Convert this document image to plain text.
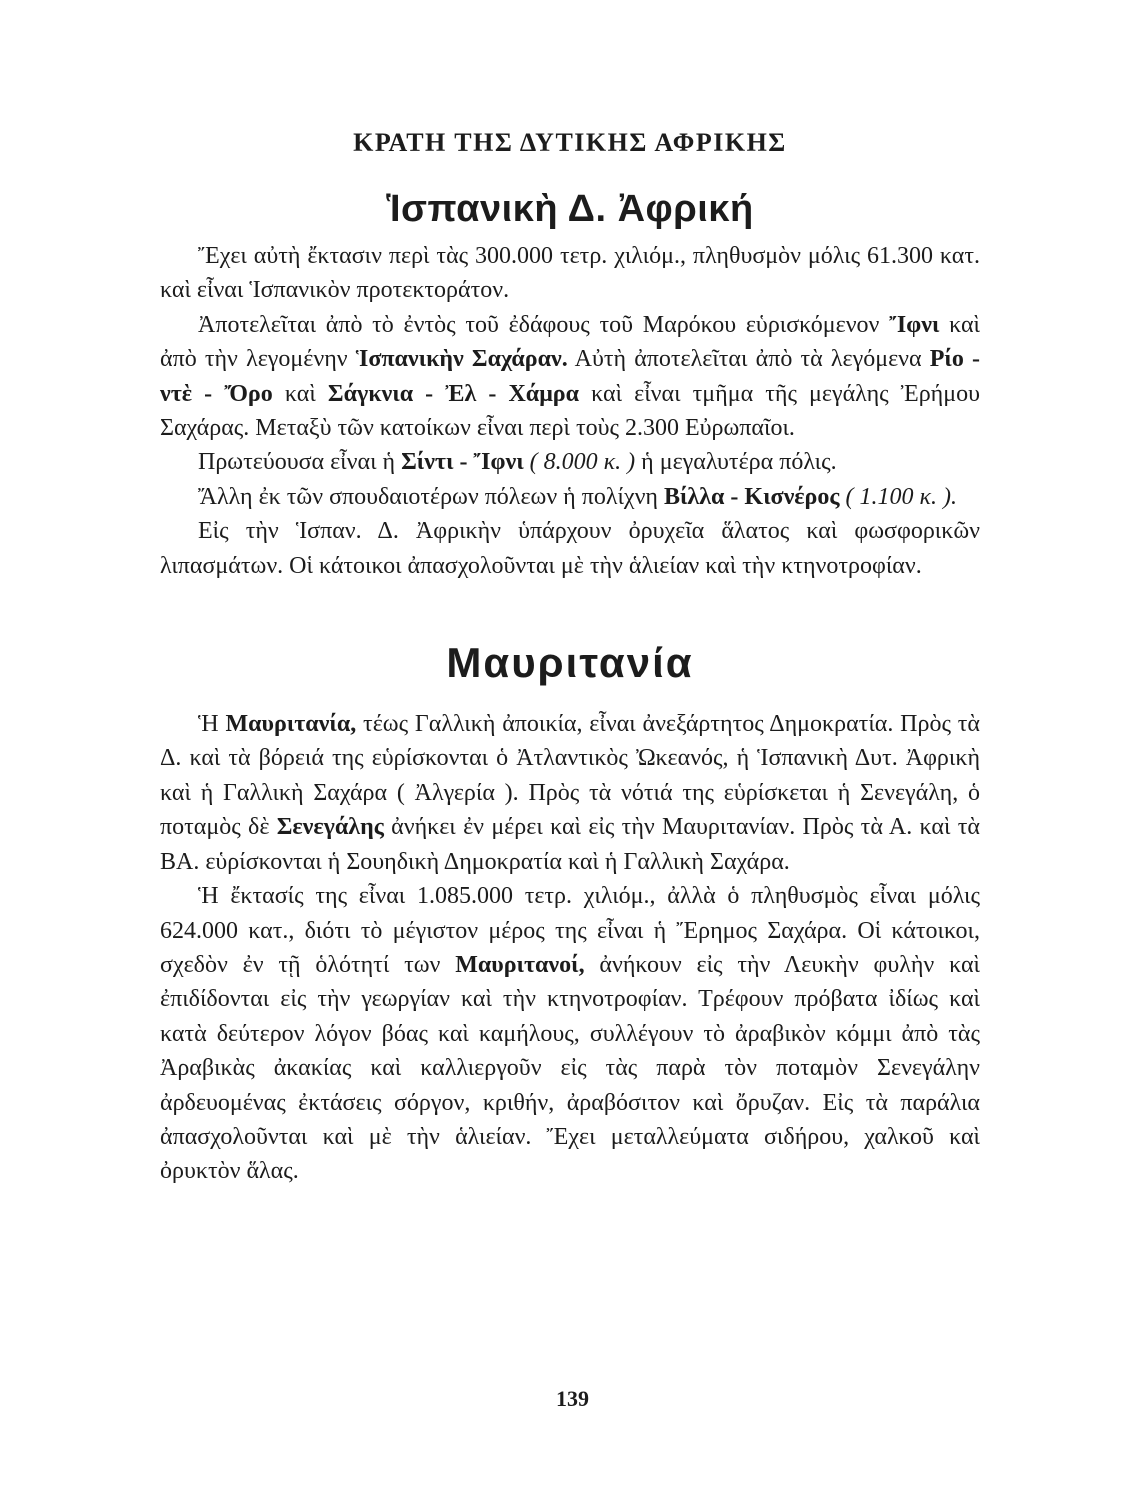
ΚΡΑΤΗ ΤΗΣ ΔΥΤΙΚΗΣ ΑΦΡΙΚΗΣ
Ἱσπανικὴ Δ. Ἀφρική

Ἔχει αὐτὴ ἔκτασιν περὶ τὰς 300.000 τετρ. χιλιόμ., πληθυσμὸν μόλις 61.300 κατ. καὶ εἶναι Ἱσπανικὸν προτεκτοράτον.

Ἀποτελεῖται ἀπὸ τὸ ἐντὸς τοῦ ἐδάφους τοῦ Μαρόκου εὑρισκόμενον Ἴφνι καὶ ἀπὸ τὴν λεγομένην Ἱσπανικὴν Σαχάραν. Αὐτὴ ἀποτελεῖται ἀπὸ τὰ λεγόμενα Ρίο - ντὲ - Ὄρο καὶ Σάγκνια - Ἐλ - Χάμρα καὶ εἶναι τμῆμα τῆς μεγάλης Ἐρήμου Σαχάρας. Μεταξὺ τῶν κατοίκων εἶναι περὶ τοὺς 2.300 Εὐρωπαῖοι.

Πρωτεύουσα εἶναι ἡ Σίντι - Ἴφνι ( 8.000 κ. ) ἡ μεγαλυτέρα πόλις.

Ἄλλη ἐκ τῶν σπουδαιοτέρων πόλεων ἡ πολίχνη Βίλλα - Κισνέρος ( 1.100 κ. ).

Εἰς τὴν Ἱσπαν. Δ. Ἀφρικὴν ὑπάρχουν ὀρυχεῖα ἅλατος καὶ φωσφορικῶν λιπασμάτων. Οἱ κάτοικοι ἀπασχολοῦνται μὲ τὴν ἁλιείαν καὶ τὴν κτηνοτροφίαν.

Μαυριτανία

Ἡ Μαυριτανία, τέως Γαλλικὴ ἀποικία, εἶναι ἀνεξάρτητος Δημοκρατία. Πρὸς τὰ Δ. καὶ τὰ βόρειά της εὑρίσκονται ὁ Ἀτλαντικὸς Ὠκεανός, ἡ Ἱσπανικὴ Δυτ. Ἀφρικὴ καὶ ἡ Γαλλικὴ Σαχάρα ( Ἀλγερία ). Πρὸς τὰ νότιά της εὑρίσκεται ἡ Σενεγάλη, ὁ ποταμὸς δὲ Σενεγάλης ἀνήκει ἐν μέρει καὶ εἰς τὴν Μαυριτανίαν. Πρὸς τὰ Α. καὶ τὰ ΒΑ. εὑρίσκονται ἡ Σουηδικὴ Δημοκρατία καὶ ἡ Γαλλικὴ Σαχάρα.

Ἡ ἔκτασίς της εἶναι 1.085.000 τετρ. χιλιόμ., ἀλλὰ ὁ πληθυσμὸς εἶναι μόλις 624.000 κατ., διότι τὸ μέγιστον μέρος της εἶναι ἡ Ἔρημος Σαχάρα. Οἱ κάτοικοι, σχεδὸν ἐν τῇ ὁλότητί των Μαυριτανοί, ἀνήκουν εἰς τὴν Λευκὴν φυλὴν καὶ ἐπιδίδονται εἰς τὴν γεωργίαν καὶ τὴν κτηνοτροφίαν. Τρέφουν πρόβατα ἰδίως καὶ κατὰ δεύτερον λόγον βόας καὶ καμήλους, συλλέγουν τὸ ἀραβικὸν κόμμι ἀπὸ τὰς Ἀραβικὰς ἀκακίας καὶ καλλιεργοῦν εἰς τὰς παρὰ τὸν ποταμὸν Σενεγάλην ἀρδευομένας ἐκτάσεις σόργον, κριθήν, ἀραβόσιτον καὶ ὄρυζαν. Εἰς τὰ παράλια ἀπασχολοῦνται καὶ μὲ τὴν ἁλιείαν. Ἔχει μεταλλεύματα σιδήρου, χαλκοῦ καὶ ὀρυκτὸν ἅλας.

139
